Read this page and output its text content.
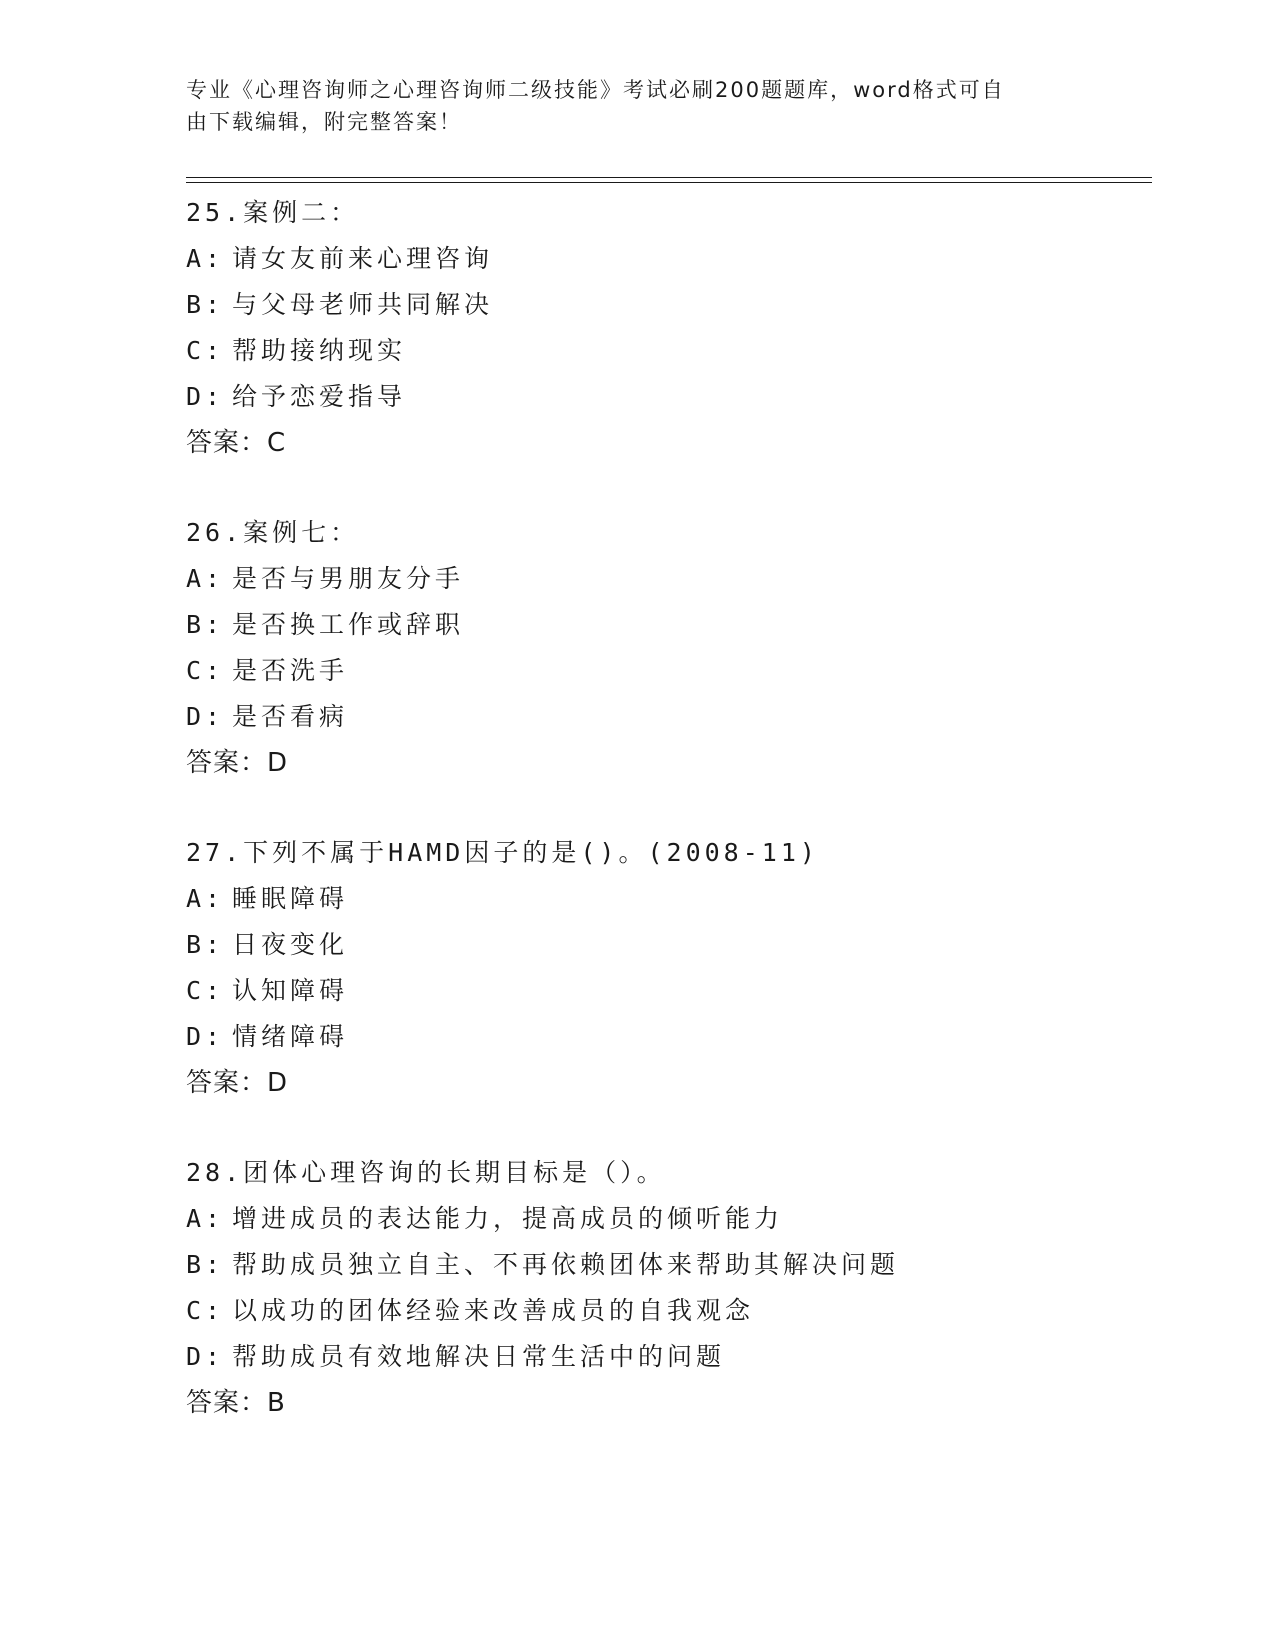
专业《心理咨询师之心理咨询师二级技能》考试必刷200题题库，word格式可自
由下载编辑，附完整答案！
25.案例二：
A: 请女友前来心理咨询
B: 与父母老师共同解决
C: 帮助接纳现实
D: 给予恋爱指导
答案：C
26.案例七：
A: 是否与男朋友分手
B: 是否换工作或辞职
C: 是否洗手
D: 是否看病
答案：D
27.下列不属于HAMD因子的是()。(2008-11)
A: 睡眠障碍
B: 日夜变化
C: 认知障碍
D: 情绪障碍
答案：D
28.团体心理咨询的长期目标是（）。
A: 增进成员的表达能力，提高成员的倾听能力
B: 帮助成员独立自主、不再依赖团体来帮助其解决问题
C: 以成功的团体经验来改善成员的自我观念
D: 帮助成员有效地解决日常生活中的问题
答案：B
